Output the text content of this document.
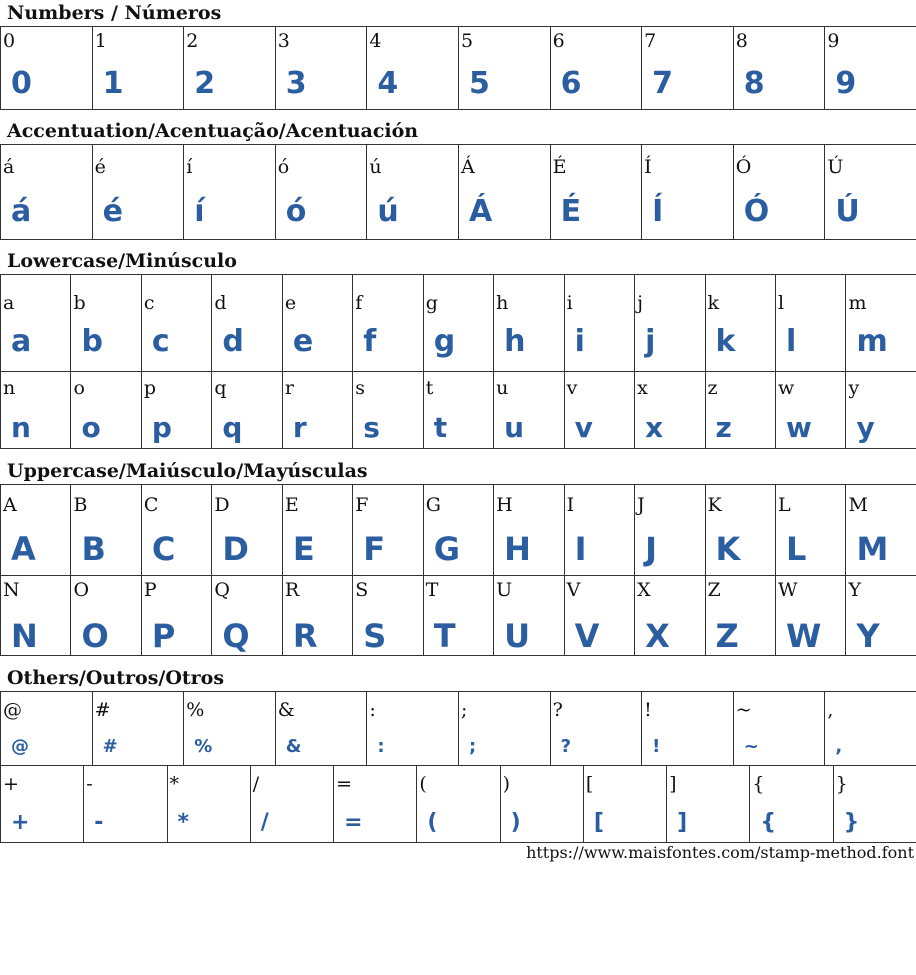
Numbers / Números
0
0
1
1
2
2
3
3
4
4
5
5
6
6
7
7
8
8
9
9
Accentuation/Acentuação/Acentuación
á
á
é
é
í
í
ó
ó
ú
ú
Á
Á
É
É
Í
Í
Ó
Ó
Ú
Ú
Lowercase/Minúsculo
a
a
b
b
c
c
d
d
e
e
f
f
g
g
h
h
i
i
j
j
k
k
l
l
m
m
n
n
o
o
p
p
q
q
r
r
s
s
t
t
u
u
v
v
x
x
z
z
w
w
y
y
Uppercase/Maiúsculo/Mayúsculas
A
A
B
B
C
C
D
D
E
E
F
F
G
G
H
H
I
I
J
J
K
K
L
L
M
M
N
N
O
O
P
P
Q
Q
R
R
S
S
T
T
U
U
V
V
X
X
Z
Z
W
W
Y
Y
Others/Outros/Otros
@
@
#
#
%
%
&
&
:
:
;
;
?
?
!
!
~
~
,
,
+
+
-
-
*
*
/
/
=
=
(
(
)
)
[
[
]
]
{
{
}
}
https://www.maisfontes.com/stamp-method.font
